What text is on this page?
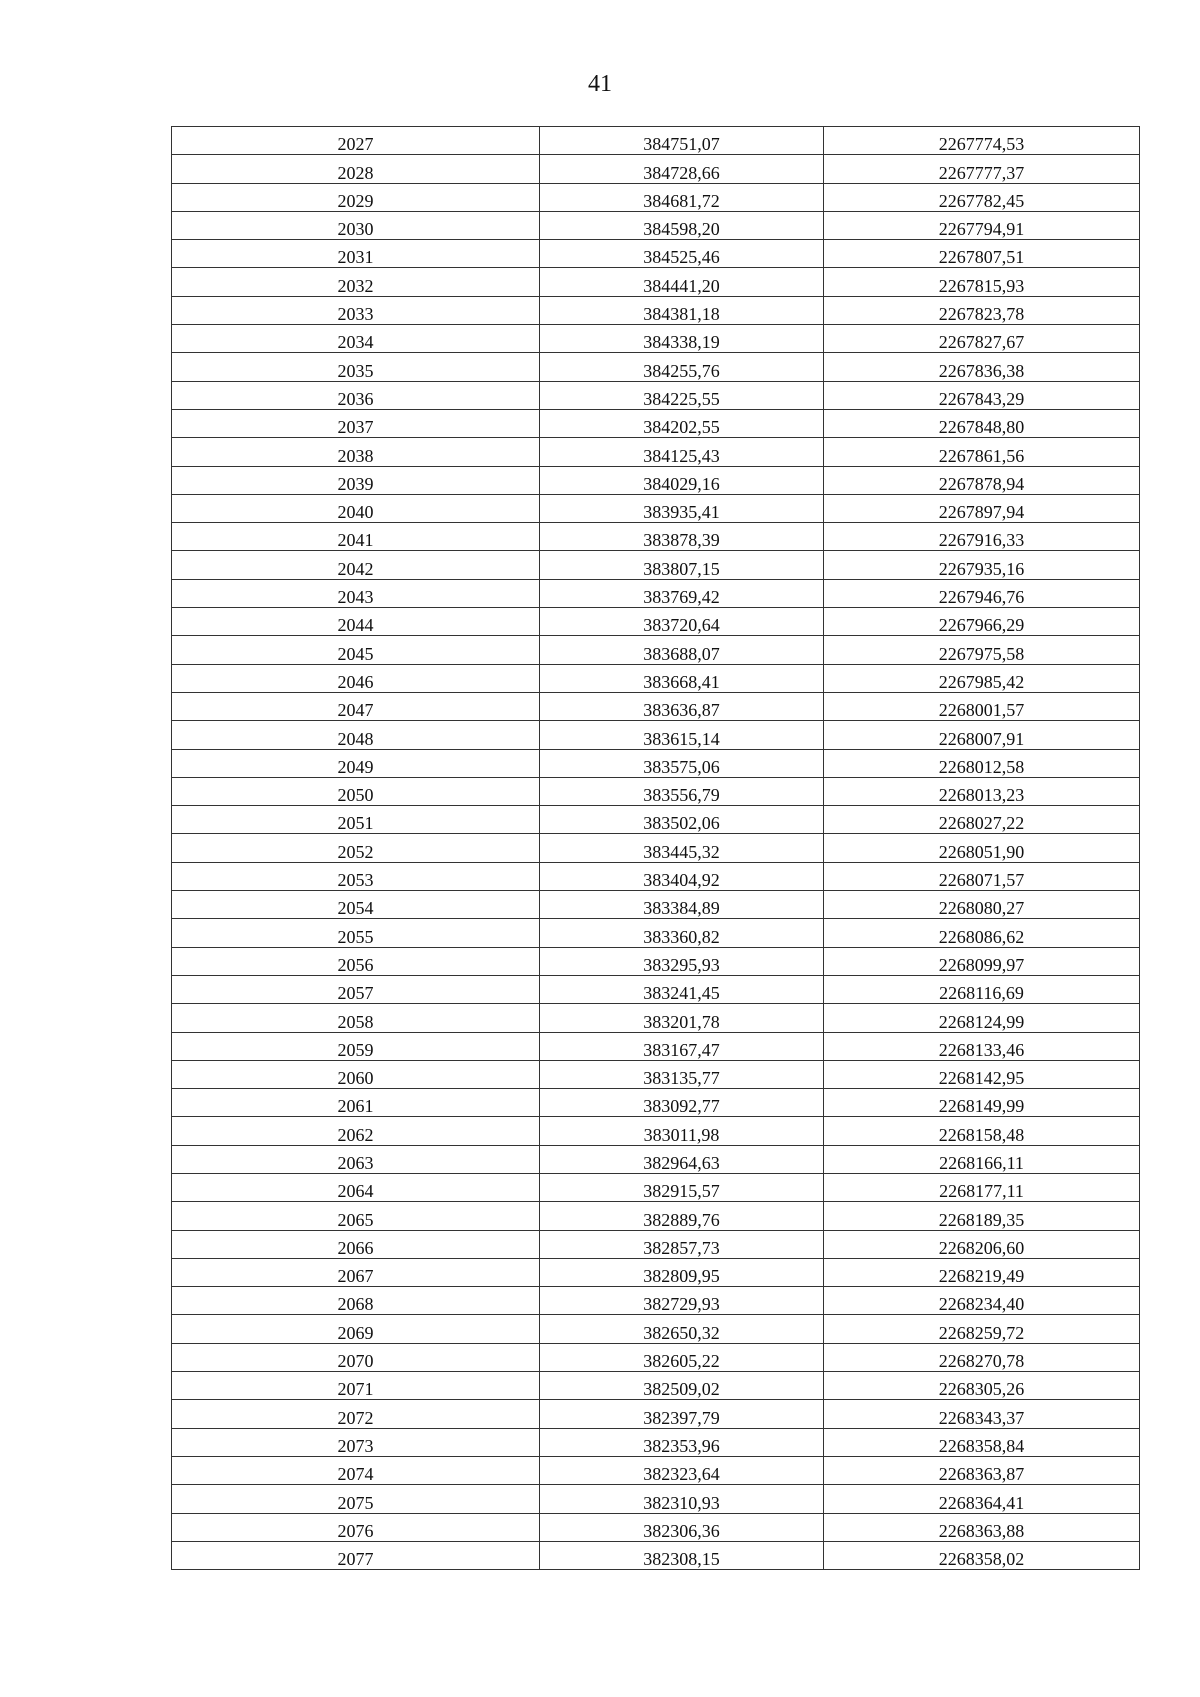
41
2027	384751,07	2267774,53
2028	384728,66	2267777,37
2029	384681,72	2267782,45
2030	384598,20	2267794,91
2031	384525,46	2267807,51
2032	384441,20	2267815,93
2033	384381,18	2267823,78
2034	384338,19	2267827,67
2035	384255,76	2267836,38
2036	384225,55	2267843,29
2037	384202,55	2267848,80
2038	384125,43	2267861,56
2039	384029,16	2267878,94
2040	383935,41	2267897,94
2041	383878,39	2267916,33
2042	383807,15	2267935,16
2043	383769,42	2267946,76
2044	383720,64	2267966,29
2045	383688,07	2267975,58
2046	383668,41	2267985,42
2047	383636,87	2268001,57
2048	383615,14	2268007,91
2049	383575,06	2268012,58
2050	383556,79	2268013,23
2051	383502,06	2268027,22
2052	383445,32	2268051,90
2053	383404,92	2268071,57
2054	383384,89	2268080,27
2055	383360,82	2268086,62
2056	383295,93	2268099,97
2057	383241,45	2268116,69
2058	383201,78	2268124,99
2059	383167,47	2268133,46
2060	383135,77	2268142,95
2061	383092,77	2268149,99
2062	383011,98	2268158,48
2063	382964,63	2268166,11
2064	382915,57	2268177,11
2065	382889,76	2268189,35
2066	382857,73	2268206,60
2067	382809,95	2268219,49
2068	382729,93	2268234,40
2069	382650,32	2268259,72
2070	382605,22	2268270,78
2071	382509,02	2268305,26
2072	382397,79	2268343,37
2073	382353,96	2268358,84
2074	382323,64	2268363,87
2075	382310,93	2268364,41
2076	382306,36	2268363,88
2077	382308,15	2268358,02
